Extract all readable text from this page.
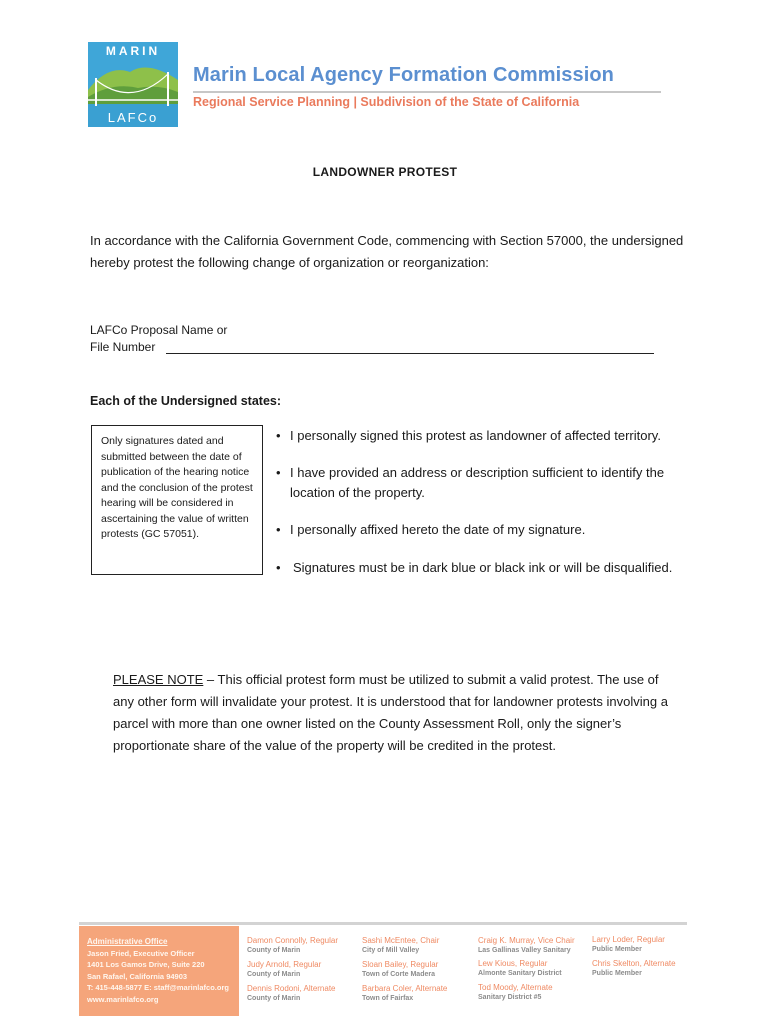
MARIN
LAFCo
Marin Local Agency Formation Commission
Regional Service Planning | Subdivision of the State of California
LANDOWNER PROTEST
In accordance with the California Government Code, commencing with Section 57000, the undersigned hereby protest the following change of organization or reorganization:
LAFCo Proposal Name or
File Number
Each of the Undersigned states:
Only signatures dated and submitted between the date of publication of the hearing notice and the conclusion of the protest hearing will be considered in ascertaining the value of written protests (GC 57051).
• I personally signed this protest as landowner of affected territory.
• I have provided an address or description sufficient to identify the location of the property.
• I personally affixed hereto the date of my signature.
• Signatures must be in dark blue or black ink or will be disqualified.
PLEASE NOTE – This official protest form must be utilized to submit a valid protest. The use of any other form will invalidate your protest. It is understood that for landowner protests involving a parcel with more than one owner listed on the County Assessment Roll, only the signer’s proportionate share of the value of the property will be credited in the protest.
Administrative Office
Jason Fried, Executive Officer
1401 Los Gamos Drive, Suite 220
San Rafael, California 94903
T: 415-448-5877 E: staff@marinlafco.org
www.marinlafco.org
Damon Connolly, Regular
County of Marin
Judy Arnold, Regular
County of Marin
Dennis Rodoni, Alternate
County of Marin
Sashi McEntee, Chair
City of Mill Valley
Sloan Bailey, Regular
Town of Corte Madera
Barbara Coler, Alternate
Town of Fairfax
Craig K. Murray, Vice Chair
Las Gallinas Valley Sanitary
Lew Kious, Regular
Almonte Sanitary District
Tod Moody, Alternate
Sanitary District #5
Larry Loder, Regular
Public Member
Chris Skelton, Alternate
Public Member
